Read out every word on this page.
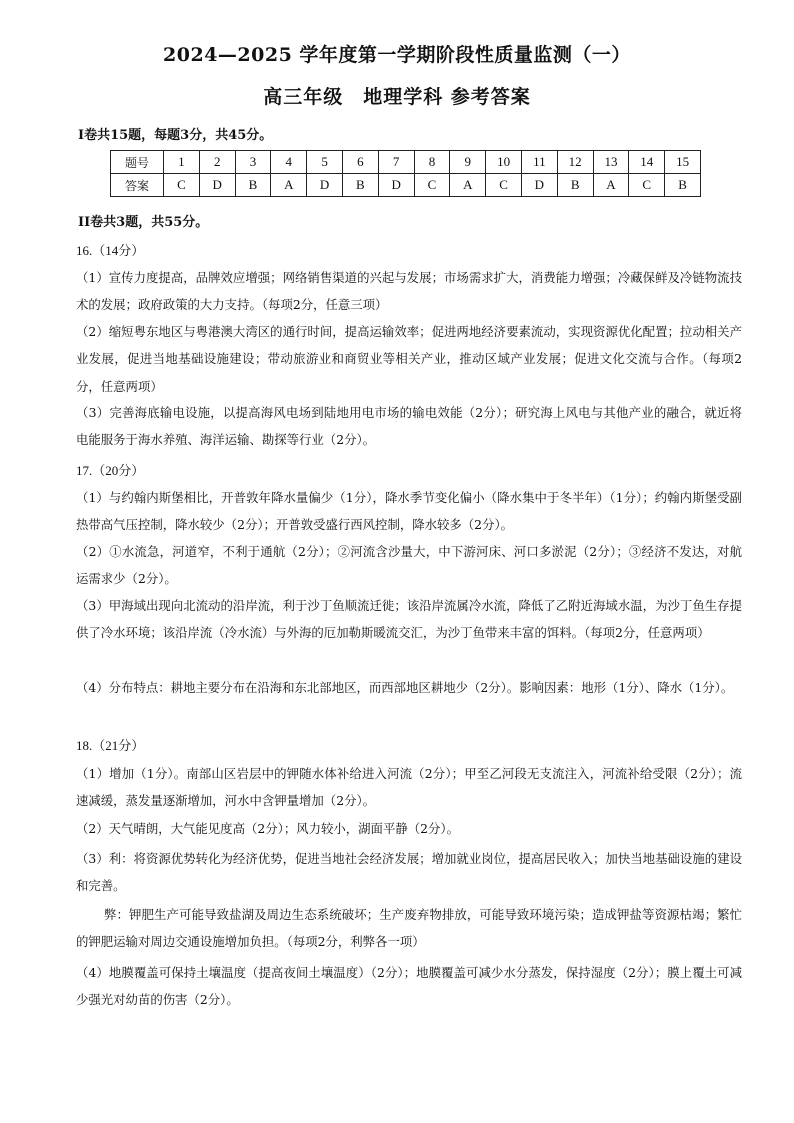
2024—2025 学年度第一学期阶段性质量监测（一）
高三年级　地理学科 参考答案
I卷共15题，每题3分，共45分。
题号	1	2	3	4	5	6	7	8	9	10	11	12	13	14	15
答案	C	D	B	A	D	B	D	C	A	C	D	B	A	C	B
II卷共3题，共55分。
16.（14分）
（1）宣传力度提高，品牌效应增强；网络销售渠道的兴起与发展；市场需求扩大，消费能力增强；冷藏保鲜及冷链物流技术的发展；政府政策的大力支持。（每项2分，任意三项）
（2）缩短粤东地区与粤港澳大湾区的通行时间，提高运输效率；促进两地经济要素流动，实现资源优化配置；拉动相关产业发展，促进当地基础设施建设；带动旅游业和商贸业等相关产业，推动区域产业发展；促进文化交流与合作。（每项2分，任意两项）
（3）完善海底输电设施，以提高海风电场到陆地用电市场的输电效能（2分）；研究海上风电与其他产业的融合，就近将电能服务于海水养殖、海洋运输、勘探等行业（2分）。
17.（20分）
（1）与约翰内斯堡相比，开普敦年降水量偏少（1分），降水季节变化偏小（降水集中于冬半年）（1分）；约翰内斯堡受副热带高气压控制，降水较少（2分）；开普敦受盛行西风控制，降水较多（2分）。
（2）①水流急，河道窄，不利于通航（2分）；②河流含沙量大，中下游河床、河口多淤泥（2分）；③经济不发达，对航运需求少（2分）。
（3）甲海域出现向北流动的沿岸流，利于沙丁鱼顺流迁徙；该沿岸流属冷水流，降低了乙附近海域水温，为沙丁鱼生存提供了冷水环境；该沿岸流（冷水流）与外海的厄加勒斯暖流交汇，为沙丁鱼带来丰富的饵料。（每项2分，任意两项）
（4）分布特点：耕地主要分布在沿海和东北部地区，而西部地区耕地少（2分）。影响因素：地形（1分）、降水（1分）。
18.（21分）
（1）增加（1分）。南部山区岩层中的钾随水体补给进入河流（2分）；甲至乙河段无支流注入，河流补给受限（2分）；流速减缓，蒸发量逐渐增加，河水中含钾量增加（2分）。
（2）天气晴朗，大气能见度高（2分）；风力较小，湖面平静（2分）。
（3）利：将资源优势转化为经济优势，促进当地社会经济发展；增加就业岗位，提高居民收入；加快当地基础设施的建设和完善。
弊：钾肥生产可能导致盐湖及周边生态系统破坏；生产废弃物排放，可能导致环境污染；造成钾盐等资源枯竭；繁忙的钾肥运输对周边交通设施增加负担。（每项2分，利弊各一项）
（4）地膜覆盖可保持土壤温度（提高夜间土壤温度）（2分）；地膜覆盖可减少水分蒸发，保持湿度（2分）；膜上覆土可减少强光对幼苗的伤害（2分）。
